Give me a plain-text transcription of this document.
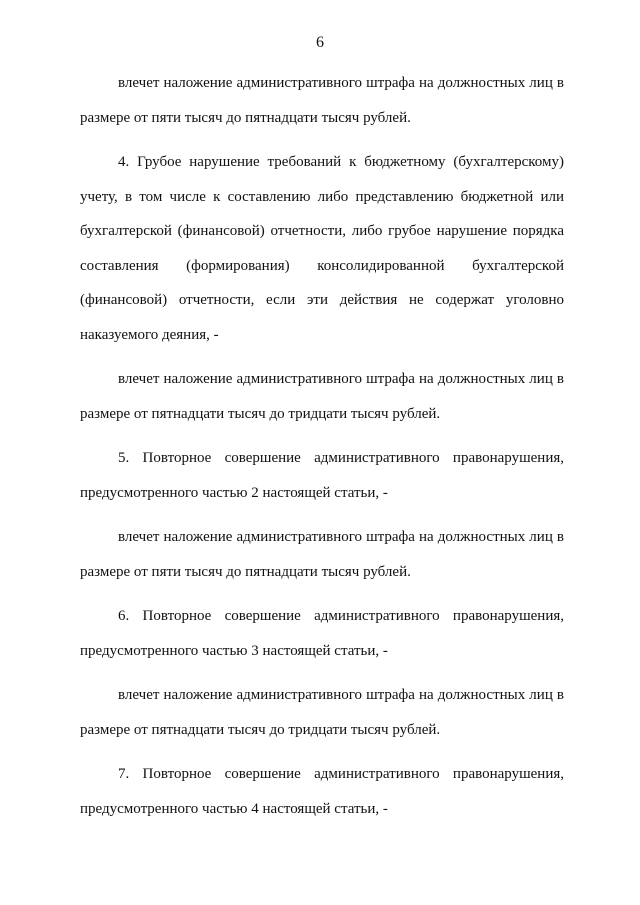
6

влечет наложение административного штрафа на должностных лиц в размере от пяти тысяч до пятнадцати тысяч рублей.

4. Грубое нарушение требований к бюджетному (бухгалтерскому) учету, в том числе к составлению либо представлению бюджетной или бухгалтерской (финансовой) отчетности, либо грубое нарушение порядка составления (формирования) консолидированной бухгалтерской (финансовой) отчетности, если эти действия не содержат уголовно наказуемого деяния, -

влечет наложение административного штрафа на должностных лиц в размере от пятнадцати тысяч до тридцати тысяч рублей.

5. Повторное совершение административного правонарушения, предусмотренного частью 2 настоящей статьи, -

влечет наложение административного штрафа на должностных лиц в размере от пяти тысяч до пятнадцати тысяч рублей.

6. Повторное совершение административного правонарушения, предусмотренного частью 3 настоящей статьи, -

влечет наложение административного штрафа на должностных лиц в размере от пятнадцати тысяч до тридцати тысяч рублей.

7. Повторное совершение административного правонарушения, предусмотренного частью 4 настоящей статьи, -
